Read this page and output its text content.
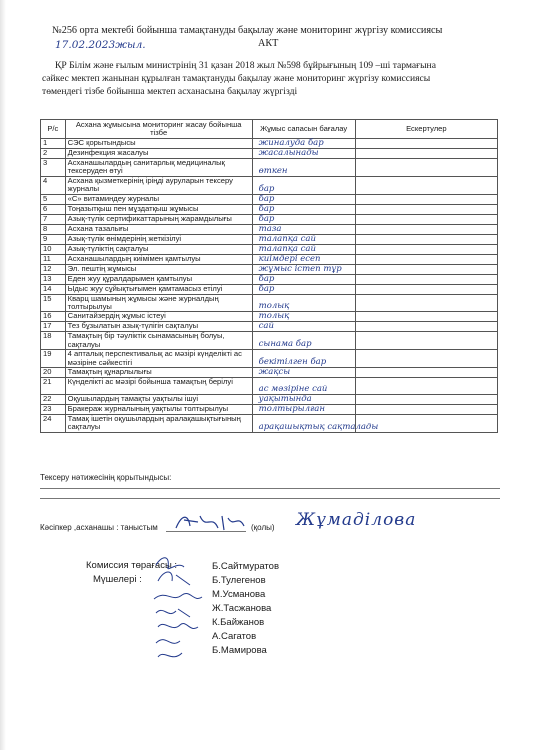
№256 орта мектебі бойынша тамақтануды бақылау және мониторинг жүргізу комиссиясы
17.02.2023жыл.	АКТ
ҚР Білім және ғылым министрінің 31 қазан 2018 жыл №598 бұйрығының 109 –шi тармағына
сәйкес мектеп жанынан құрылған тамақтануды бақылау және мониторинг жүргізу комиссиясы
төмендегі тізбе бойынша мектеп асханасына бақылау жүргізді
Р/с	Асхана жұмысына мониторинг жасау бойынша тізбе	Жұмыс сапасын бағалау	Ескертулер
1	СЭС қорытындысы	жиналуда бар	

2	Дезинфекция жасалуы	жасалынады	

3	Асханашылардың санитарлық медициналық тексеруден өтуі	өткен	

4	Асхана қызметкерінің іріңді ауруларын тексеру журналы	бар	

5	«С» витаминдеу журналы	бар	

6	Тоңазытқыш пен мұздатқыш жұмысы	бар	

7	Азық-түлік сертификаттарының жарамдылығы	бар	

8	Асхана тазалығы	таза	

9	Азық-түлік өнімдерінің жеткізілуі	талапқа сай	

10	Азық-түліктің сақталуы	талапқа сай	

11	Асханашылардың киімімен қамтылуы	киімдері есеп	

12	Эл. пештің жұмысы	жұмыс істеп тұр	

13	Еден жуу құралдарымен қамтылуы	бар	

14	Ыдыс жуу сұйықтығымен қамтамасыз етілуі	бар	

15	Кварц шамының жұмысы және журналдың толтырылуы	толық	

16	Санитайзердің жұмыс істеуі	толық	

17	Тез бұзылатын азық-түлігін сақталуы	сай	

18	Тамақтың бір тәуліктік сынамасының болуы, сақталуы	сынама бар	

19	4 апталық перспективалық ас мәзірі күнделікті ас мәзіріне сәйкестігі	бекітілген бар	

20	Тамақтың құнарлылығы	жақсы	

21	Күнделікті ас мәзірі бойынша тамақтың берілуі	ас мәзіріне сай	

22	Оқушылардың тамақты уақтылы ішуі	уақытында	

23	Бракераж журналының уақтылы толтырылуы	толтырылған	

24	Тамақ ішетін оқушылардың аралақашықтығының сақталуы	арақашықтық сақталады	

Тексеру нәтижесінің қорытындысы:
Кәсіпкер ,асханашы : таныстым	(қолы) Жұмаділова
Комиссия төрағасы :
Мүшелері :
Б.Сайтмуратов
Б.Тулегенов
М.Усманова
Ж.Тасжанова
К.Байжанов
А.Сагатов
Б.Мамирова
